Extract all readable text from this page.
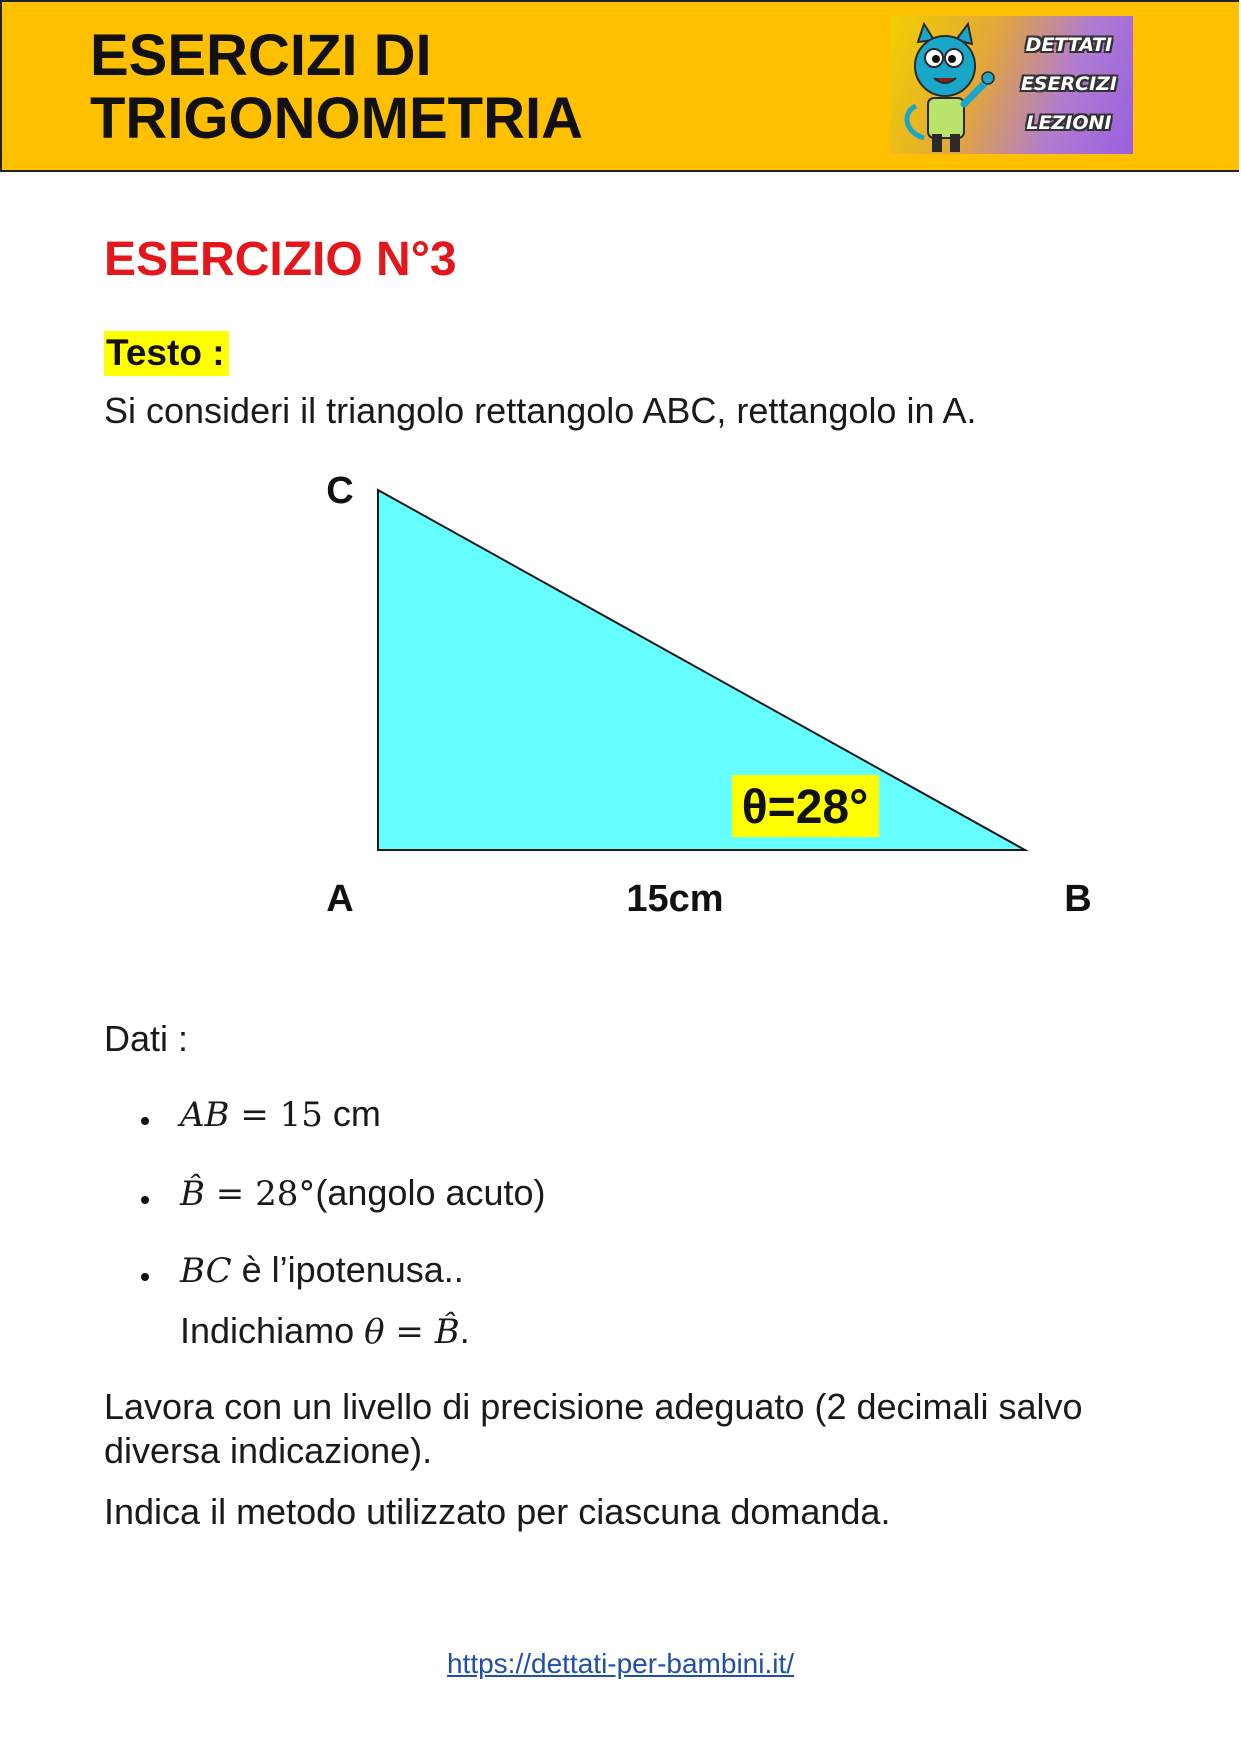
ESERCIZI DI
TRIGONOMETRIA
DETTATI
ESERCIZI
LEZIONI
ESERCIZIO N°3
Testo :
Si consideri il triangolo rettangolo ABC, rettangolo in A.
θ=28°
C
A	B
15cm
Dati :
AB = 15 cm
B̂ = 28°(angolo acuto)
BC è l’ipotenusa..
Indichiamo θ = B̂.
Lavora con un livello di precisione adeguato (2 decimali salvo diversa indicazione).
Indica il metodo utilizzato per ciascuna domanda.
https://dettati-per-bambini.it/
